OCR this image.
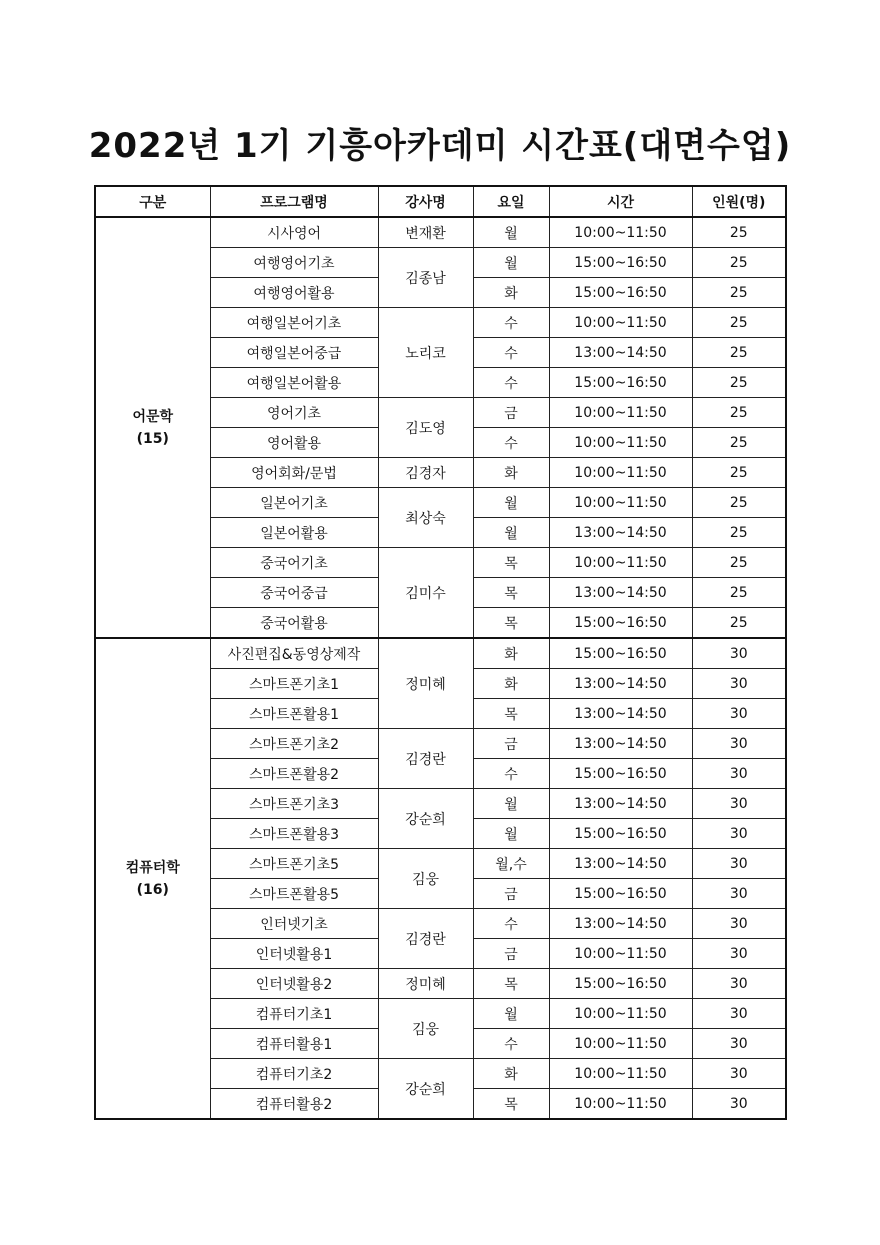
2022년 1기 기흥아카데미 시간표(대면수업)
구분	프로그램명	강사명	요일	시간	인원(명)

어문학
(15)	시사영어	변재환	월	10:00~11:50	25
	여행영어기초	김종남	월	15:00~16:50	25
	여행영어활용		화	15:00~16:50	25
	여행일본어기초	노리코	수	10:00~11:50	25
	여행일본어중급		수	13:00~14:50	25
	여행일본어활용		수	15:00~16:50	25
	영어기초	김도영	금	10:00~11:50	25
	영어활용		수	10:00~11:50	25
	영어회화/문법	김경자	화	10:00~11:50	25
	일본어기초	최상숙	월	10:00~11:50	25
	일본어활용		월	13:00~14:50	25
	중국어기초	김미수	목	10:00~11:50	25
	중국어중급		목	13:00~14:50	25
	중국어활용		목	15:00~16:50	25

컴퓨터학
(16)	사진편집&동영상제작	정미혜	화	15:00~16:50	30
	스마트폰기초1		화	13:00~14:50	30
	스마트폰활용1		목	13:00~14:50	30
	스마트폰기초2	김경란	금	13:00~14:50	30
	스마트폰활용2		수	15:00~16:50	30
	스마트폰기초3	강순희	월	13:00~14:50	30
	스마트폰활용3		월	15:00~16:50	30
	스마트폰기초5	김웅	월,수	13:00~14:50	30
	스마트폰활용5		금	15:00~16:50	30
	인터넷기초	김경란	수	13:00~14:50	30
	인터넷활용1		금	10:00~11:50	30
	인터넷활용2	정미혜	목	15:00~16:50	30
	컴퓨터기초1	김웅	월	10:00~11:50	30
	컴퓨터활용1		수	10:00~11:50	30
	컴퓨터기초2	강순희	화	10:00~11:50	30
	컴퓨터활용2		목	10:00~11:50	30
